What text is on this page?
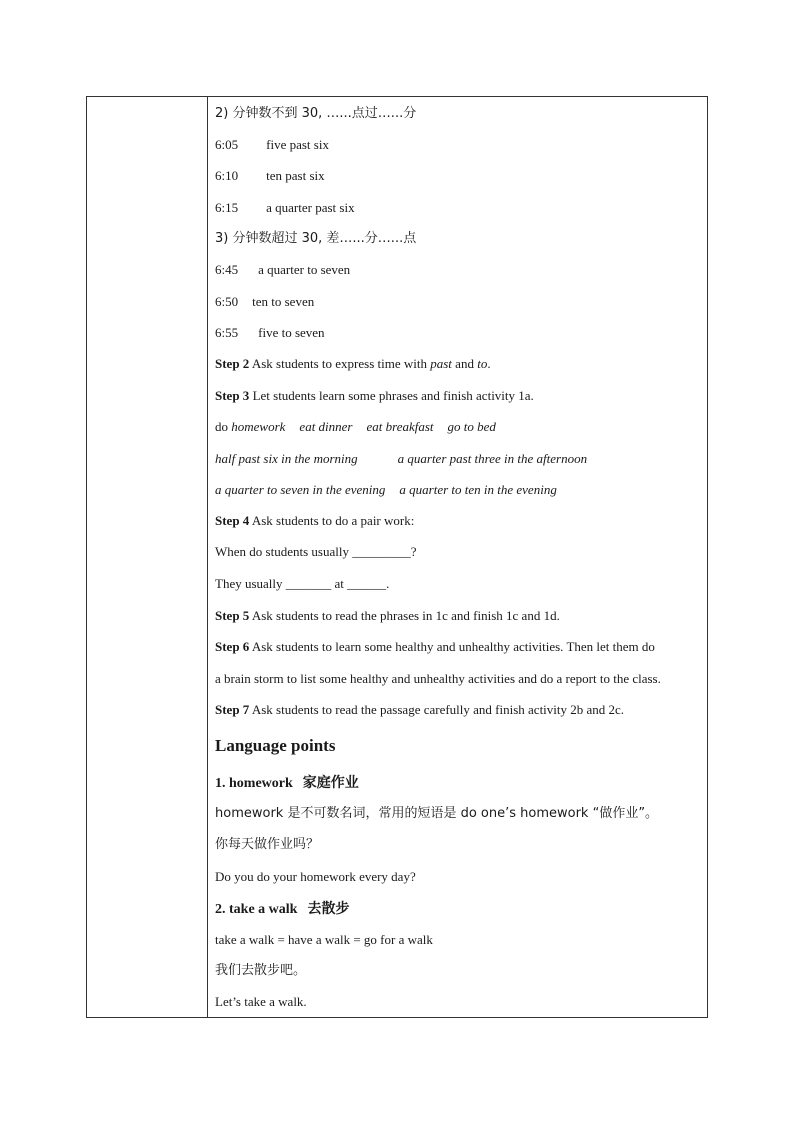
2) 分钟数不到 30, …...点过…...分
6:05 five past six
6:10 ten past six
6:15 a quarter past six
3) 分钟数超过 30, 差…...分…...点
6:45 a quarter to seven
6:50 ten to seven
6:55 five to seven
Step 2 Ask students to express time with past and to.
Step 3 Let students learn some phrases and finish activity 1a.
do homework eat dinner eat breakfast go to bed
half past six in the morning	a quarter past three in the afternoon
a quarter to seven in the evening a quarter to ten in the evening
Step 4 Ask students to do a pair work:
When do students usually _________?
They usually _______ at ______.
Step 5 Ask students to read the phrases in 1c and finish 1c and 1d.
Step 6 Ask students to learn some healthy and unhealthy activities. Then let them do
a brain storm to list some healthy and unhealthy activities and do a report to the class.
Step 7 Ask students to read the passage carefully and finish activity 2b and 2c.
Language points
1. homework 家庭作业
homework 是不可数名词，常用的短语是 do one’s homework “做作业”。
你每天做作业吗？
Do you do your homework every day?
2. take a walk 去散步
take a walk = have a walk = go for a walk
我们去散步吧。
Let’s take a walk.
